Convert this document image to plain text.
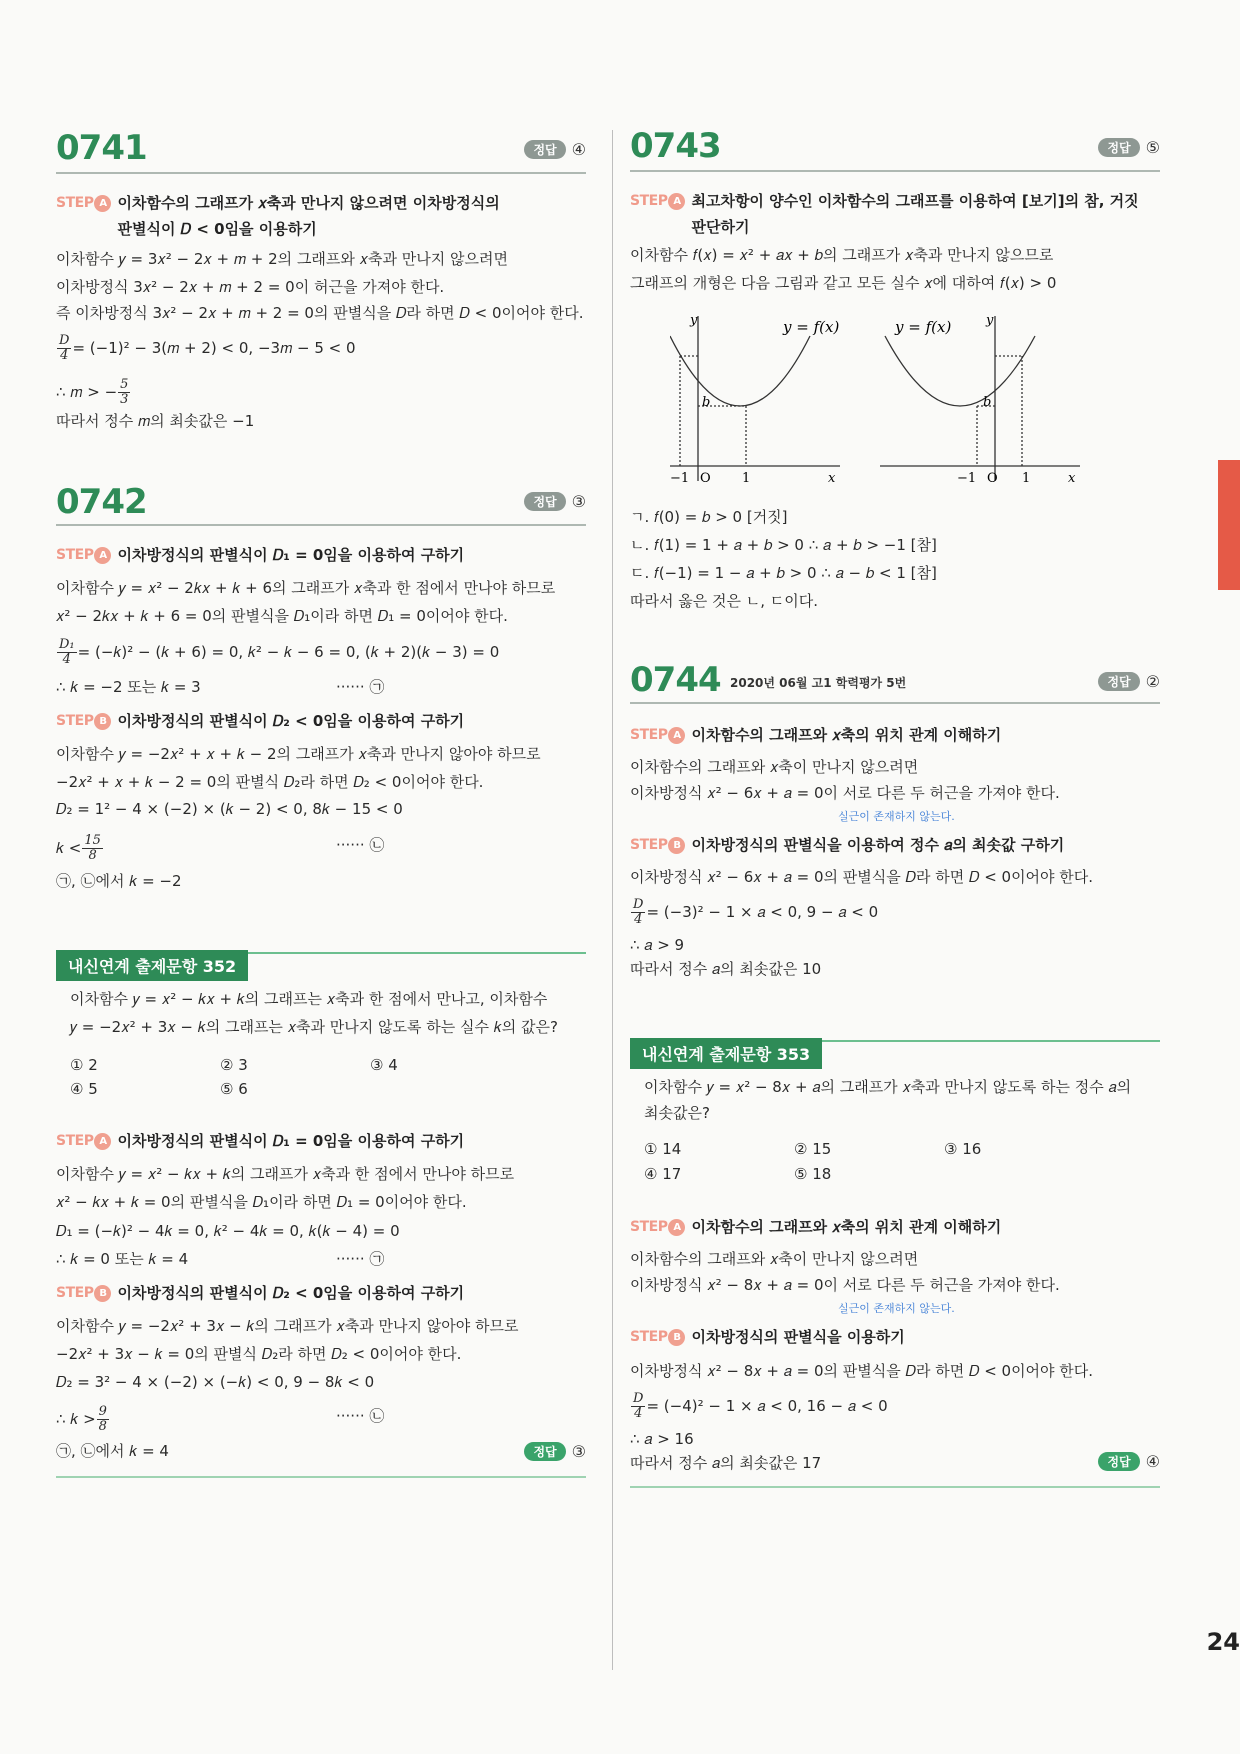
0741	정답 ④
STEP A 이차함수의 그래프가 𝑥축과 만나지 않으려면 이차방정식의
판별식이 𝐷 < 0임을 이용하기
이차함수 𝑦 = 3𝑥² − 2𝑥 + 𝑚 + 2의 그래프와 𝑥축과 만나지 않으려면
이차방정식 3𝑥² − 2𝑥 + 𝑚 + 2 = 0이 허근을 가져야 한다.
즉 이차방정식 3𝑥² − 2𝑥 + 𝑚 + 2 = 0의 판별식을 𝐷라 하면 𝐷 < 0이어야 한다.
$\frac{D}{4} = (-1)^2$ − 3(𝑚 + 2) < 0, −3𝑚 − 5 < 0
∴ 𝑚 > − $\frac{5}{3}$
따라서 정수 𝑚의 최솟값은 −1
0742	정답 ③
STEP A 이차방정식의 판별식이 𝐷₁ = 0임을 이용하여 구하기
이차함수 𝑦 = 𝑥² − 2𝑘𝑥 + 𝑘 + 6의 그래프가 𝑥축과 한 점에서 만나야 하므로
𝑥² − 2𝑘𝑥 + 𝑘 + 6 = 0의 판별식을 𝐷₁이라 하면 𝐷₁ = 0이어야 한다.
$\frac{\text{D₁}}{4}$ = (−𝑘)² − (𝑘 + 6) = 0, 𝑘² − 𝑘 − 6 = 0, (𝑘 + 2)(𝑘 − 3) = 0
∴ 𝑘 = −2 또는 𝑘 = 3	······ ㉠
STEP B 이차방정식의 판별식이 𝐷₂ < 0임을 이용하여 구하기
이차함수 𝑦 = −2𝑥² + 𝑥 + 𝑘 − 2의 그래프가 𝑥축과 만나지 않아야 하므로
−2𝑥² + 𝑥 + 𝑘 − 2 = 0의 판별식 𝐷₂라 하면 𝐷₂ < 0이어야 한다.
𝐷₂ = 1² − 4 × (−2) × (𝑘 − 2) < 0, 8𝑘 − 15 < 0
𝑘 < $\frac{15}{8}$	······ ㉡
㉠, ㉡에서 𝑘 = −2
내신연계 출제문항 352
이차함수 𝑦 = 𝑥² − 𝑘𝑥 + 𝑘의 그래프는 𝑥축과 한 점에서 만나고, 이차함수
𝑦 = −2𝑥² + 3𝑥 − 𝑘의 그래프는 𝑥축과 만나지 않도록 하는 실수 𝑘의 값은?
① 2	② 3	③ 4
④ 5	⑤ 6
STEP A 이차방정식의 판별식이 𝐷₁ = 0임을 이용하여 구하기
이차함수 𝑦 = 𝑥² − 𝑘𝑥 + 𝑘의 그래프가 𝑥축과 한 점에서 만나야 하므로
𝑥² − 𝑘𝑥 + 𝑘 = 0의 판별식을 𝐷₁이라 하면 𝐷₁ = 0이어야 한다.
𝐷₁ = (−𝑘)² − 4𝑘 = 0, 𝑘² − 4𝑘 = 0, 𝑘(𝑘 − 4) = 0
∴ 𝑘 = 0 또는 𝑘 = 4	······ ㉠
STEP B 이차방정식의 판별식이 𝐷₂ < 0임을 이용하여 구하기
이차함수 𝑦 = −2𝑥² + 3𝑥 − 𝑘의 그래프가 𝑥축과 만나지 않아야 하므로
−2𝑥² + 3𝑥 − 𝑘 = 0의 판별식 𝐷₂라 하면 𝐷₂ < 0이어야 한다.
𝐷₂ = 3² − 4 × (−2) × (−𝑘) < 0, 9 − 8𝑘 < 0
∴ 𝑘 > $\frac{9}{8}$	······ ㉡
㉠, ㉡에서 𝑘 = 4	정답 ③
0743	정답 ⑤
STEP A 최고차항이 양수인 이차함수의 그래프를 이용하여 [보기]의 참, 거짓
판단하기
이차함수 𝑓(𝑥) = 𝑥² + 𝑎𝑥 + 𝑏의 그래프가 𝑥축과 만나지 않으므로
그래프의 개형은 다음 그림과 같고 모든 실수 𝑥에 대하여 𝑓(𝑥) > 0
y	y = f(x)
b
−1 O 1	x
y = f(x)	y
b
−1 O 1	x
ㄱ. 𝑓(0) = 𝑏 > 0 [거짓]
ㄴ. 𝑓(1) = 1 + 𝑎 + 𝑏 > 0 ∴ 𝑎 + 𝑏 > −1 [참]
ㄷ. 𝑓(−1) = 1 − 𝑎 + 𝑏 > 0 ∴ 𝑎 − 𝑏 < 1 [참]
따라서 옳은 것은 ㄴ, ㄷ이다.
0744 2020년 06월 고1 학력평가 5번	정답 ②
STEP A 이차함수의 그래프와 𝑥축의 위치 관계 이해하기
이차함수의 그래프와 𝑥축이 만나지 않으려면
이차방정식 𝑥² − 6𝑥 + 𝑎 = 0이 서로 다른 두 허근을 가져야 한다.
실근이 존재하지 않는다.
STEP B 이차방정식의 판별식을 이용하여 정수 𝑎의 최솟값 구하기
이차방정식 𝑥² − 6𝑥 + 𝑎 = 0의 판별식을 𝐷라 하면 𝐷 < 0이어야 한다.
$\frac{D}{4} = (-3)^2 - 1$ × 𝑎 < 0, 9 − 𝑎 < 0
∴ 𝑎 > 9
따라서 정수 𝑎의 최솟값은 10
내신연계 출제문항 353
이차함수 𝑦 = 𝑥² − 8𝑥 + 𝑎의 그래프가 𝑥축과 만나지 않도록 하는 정수 𝑎의
최솟값은?
① 14	② 15	③ 16
④ 17	⑤ 18
STEP A 이차함수의 그래프와 𝑥축의 위치 관계 이해하기
이차함수의 그래프와 𝑥축이 만나지 않으려면
이차방정식 𝑥² − 8𝑥 + 𝑎 = 0이 서로 다른 두 허근을 가져야 한다.
실근이 존재하지 않는다.
STEP B 이차방정식의 판별식을 이용하기
이차방정식 𝑥² − 8𝑥 + 𝑎 = 0의 판별식을 𝐷라 하면 𝐷 < 0이어야 한다.
$\frac{D}{4} = (-4)^2 - 1$ × 𝑎 < 0, 16 − 𝑎 < 0
∴ 𝑎 > 16
따라서 정수 𝑎의 최솟값은 17	정답 ④
24
